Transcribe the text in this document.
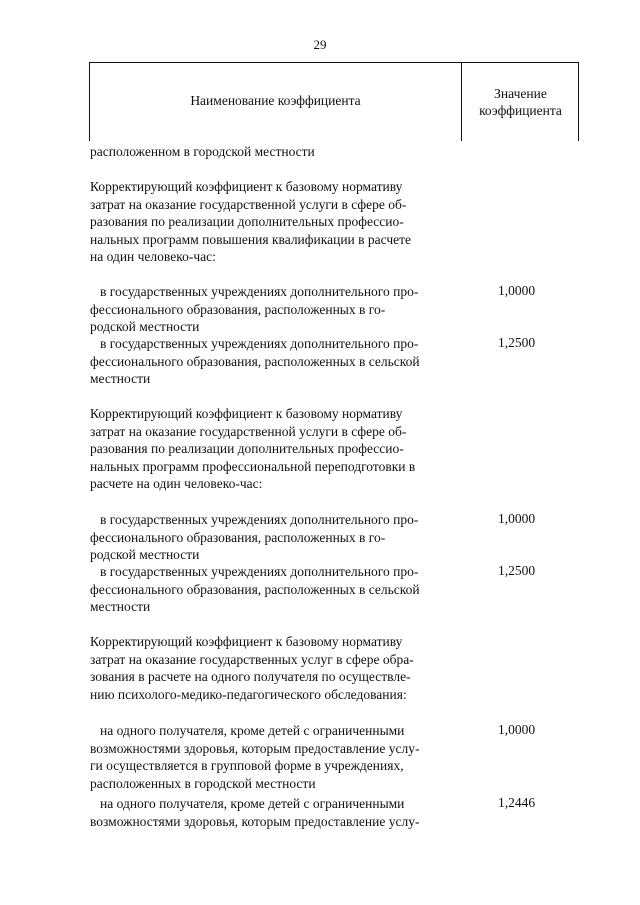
29
Наименование коэффициента	Значение
коэффициента
расположенном в городской местности
Корректирующий коэффициент к базовому нормативу
затрат на оказание государственной услуги в сфере об-
разования по реализации дополнительных профессио-
нальных программ повышения квалификации в расчете
на один человеко-час:
в государственных учреждениях дополнительного про-
фессионального образования, расположенных в го-
родской местности
1,0000
в государственных учреждениях дополнительного про-
фессионального образования, расположенных в сельской
местности
1,2500
Корректирующий коэффициент к базовому нормативу
затрат на оказание государственной услуги в сфере об-
разования по реализации дополнительных профессио-
нальных программ профессиональной переподготовки в
расчете на один человеко-час:
в государственных учреждениях дополнительного про-
фессионального образования, расположенных в го-
родской местности
1,0000
в государственных учреждениях дополнительного про-
фессионального образования, расположенных в сельской
местности
1,2500
Корректирующий коэффициент к базовому нормативу
затрат на оказание государственных услуг в сфере обра-
зования в расчете на одного получателя по осуществле-
нию психолого-медико-педагогического обследования:
на одного получателя, кроме детей с ограниченными
возможностями здоровья, которым предоставление услу-
ги осуществляется в групповой форме в учреждениях,
расположенных в городской местности
1,0000
на одного получателя, кроме детей с ограниченными
возможностями здоровья, которым предоставление услу-
1,2446
